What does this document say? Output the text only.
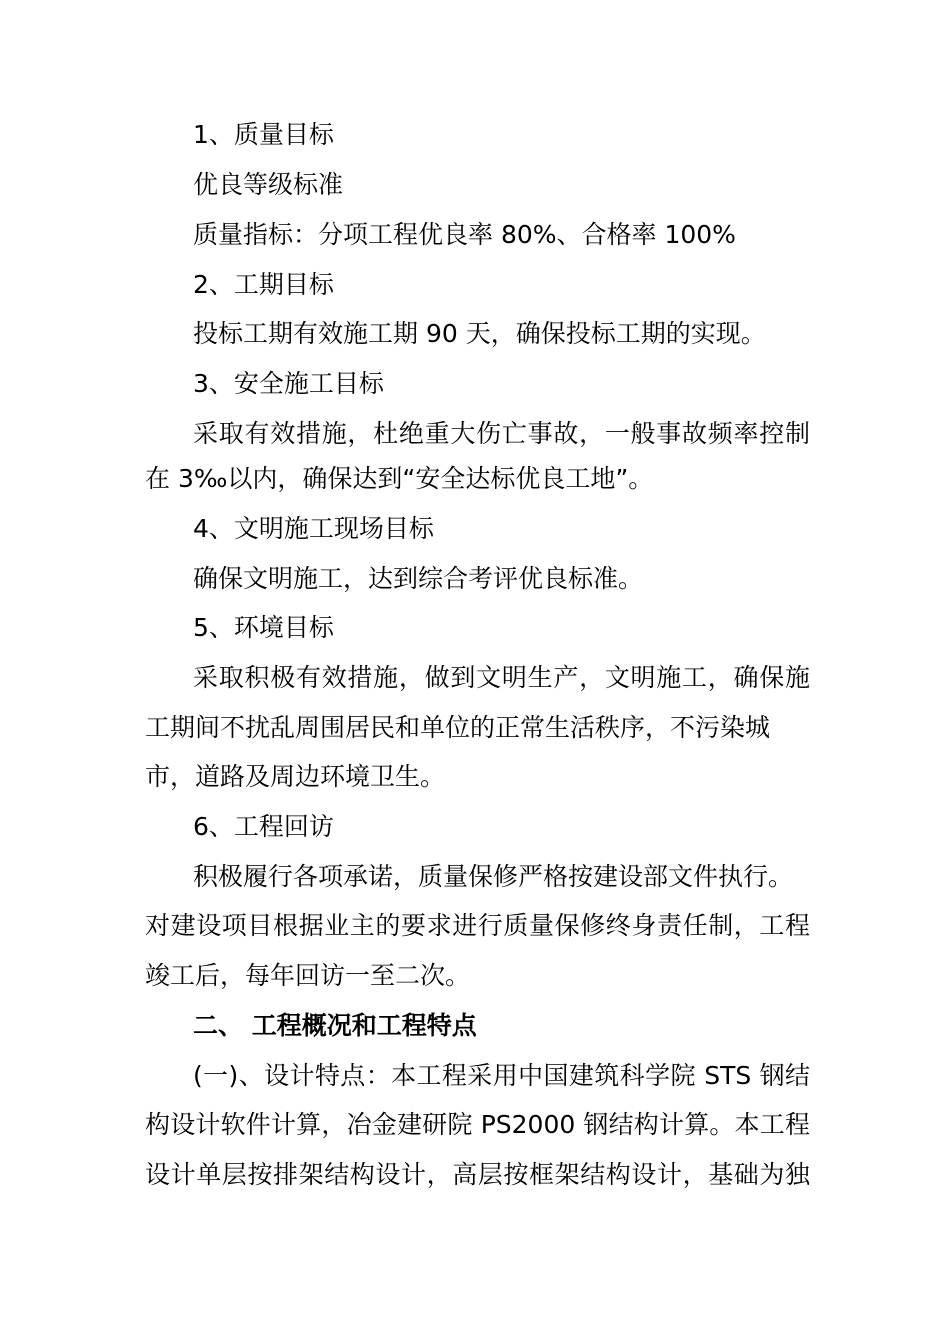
1、质量目标
优良等级标准
质量指标：分项工程优良率 80%、合格率 100%
2、工期目标
投标工期有效施工期 90 天，确保投标工期的实现。
3、安全施工目标
采取有效措施，杜绝重大伤亡事故，一般事故频率控制
在 3‰以内，确保达到“安全达标优良工地”。
4、文明施工现场目标
确保文明施工，达到综合考评优良标准。
5、环境目标
采取积极有效措施，做到文明生产，文明施工，确保施
工期间不扰乱周围居民和单位的正常生活秩序，不污染城
市，道路及周边环境卫生。
6、工程回访
积极履行各项承诺，质量保修严格按建设部文件执行。
对建设项目根据业主的要求进行质量保修终身责任制，工程
竣工后，每年回访一至二次。
二、 工程概况和工程特点
(一)、设计特点：本工程采用中国建筑科学院 STS 钢结
构设计软件计算，冶金建研院 PS2000 钢结构计算。本工程
设计单层按排架结构设计，高层按框架结构设计，基础为独
